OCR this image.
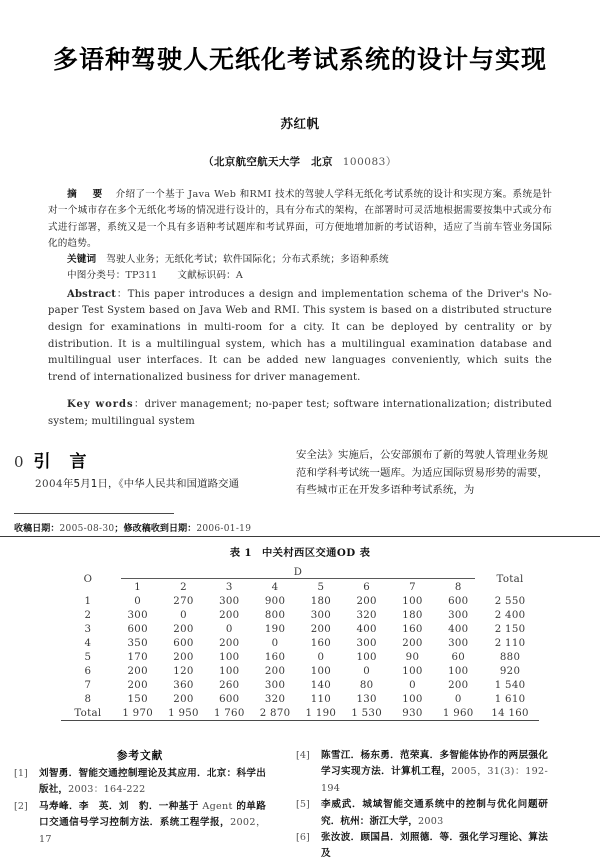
多语种驾驶人无纸化考试系统的设计与实现
苏红帆
（北京航空航天大学　北京 100083）
摘　要 介绍了一个基于 Java Web 和RMI 技术的驾驶人学科无纸化考试系统的设计和实现方案。系统是针对一个城市存在多个无纸化考场的情况进行设计的，具有分布式的架构，在部署时可灵活地根据需要按集中式或分布式进行部署，系统又是一个具有多语种考试题库和考试界面，可方便地增加新的考试语种，适应了当前车管业务国际化的趋势。
关键词 驾驶人业务；无纸化考试；软件国际化；分布式系统；多语种系统
中图分类号：TP311 文献标识码：A
Abstract：This paper introduces a design and implementation schema of the Driver's No-paper Test System based on Java Web and RMI. This system is based on a distributed structure design for examinations in multi-room for a city. It can be deployed by centrality or by distribution. It is a multilingual system, which has a multilingual examination database and multilingual user interfaces. It can be added new languages conveniently, which suits the trend of internationalized business for driver management.
Key words：driver management; no-paper test; software internationalization; distributed system; multilingual system
0 引　言

2004年5月1日，《中华人民共和国道路交通

安全法》实施后，公安部颁布了新的驾驶人管理业务规范和学科考试统一题库。为适应国际贸易形势的需要，有些城市正在开发多语种考试系统，为

收稿日期：2005-08-30；修改稿收到日期：2006-01-19
表 1 中关村西区交通OD 表
O	D								Total
	1	2	3	4	5	6	7	8	
1	0	270	300	900	180	200	100	600	2 550
2	300	0	200	800	300	320	180	300	2 400
3	600	200	0	190	200	400	160	400	2 150
4	350	600	200	0	160	300	200	300	2 110
5	170	200	100	160	0	100	90	60	880
6	200	120	100	200	100	0	100	100	920
7	200	360	260	300	140	80	0	200	1 540
8	150	200	600	320	110	130	100	0	1 610
Total	1 970	1 950	1 760	2 870	1 190	1 530	930	1 960	14 160
参考文献
[1]	刘智勇．智能交通控制理论及其应用．北京：科学出版社，2003：164-222
[2]	马寿峰．李　英．刘　豹．一种基于 Agent 的单路口交通信号学习控制方法．系统工程学报，2002，17
[4]	陈雪江．杨东勇．范荣真．多智能体协作的两层强化学习实现方法．计算机工程，2005，31(3)：192-194
[5]	李威武．城域智能交通系统中的控制与优化问题研究．杭州：浙江大学，2003
[6]	张汝波．顾国昌．刘照德．等．强化学习理论、算法及
